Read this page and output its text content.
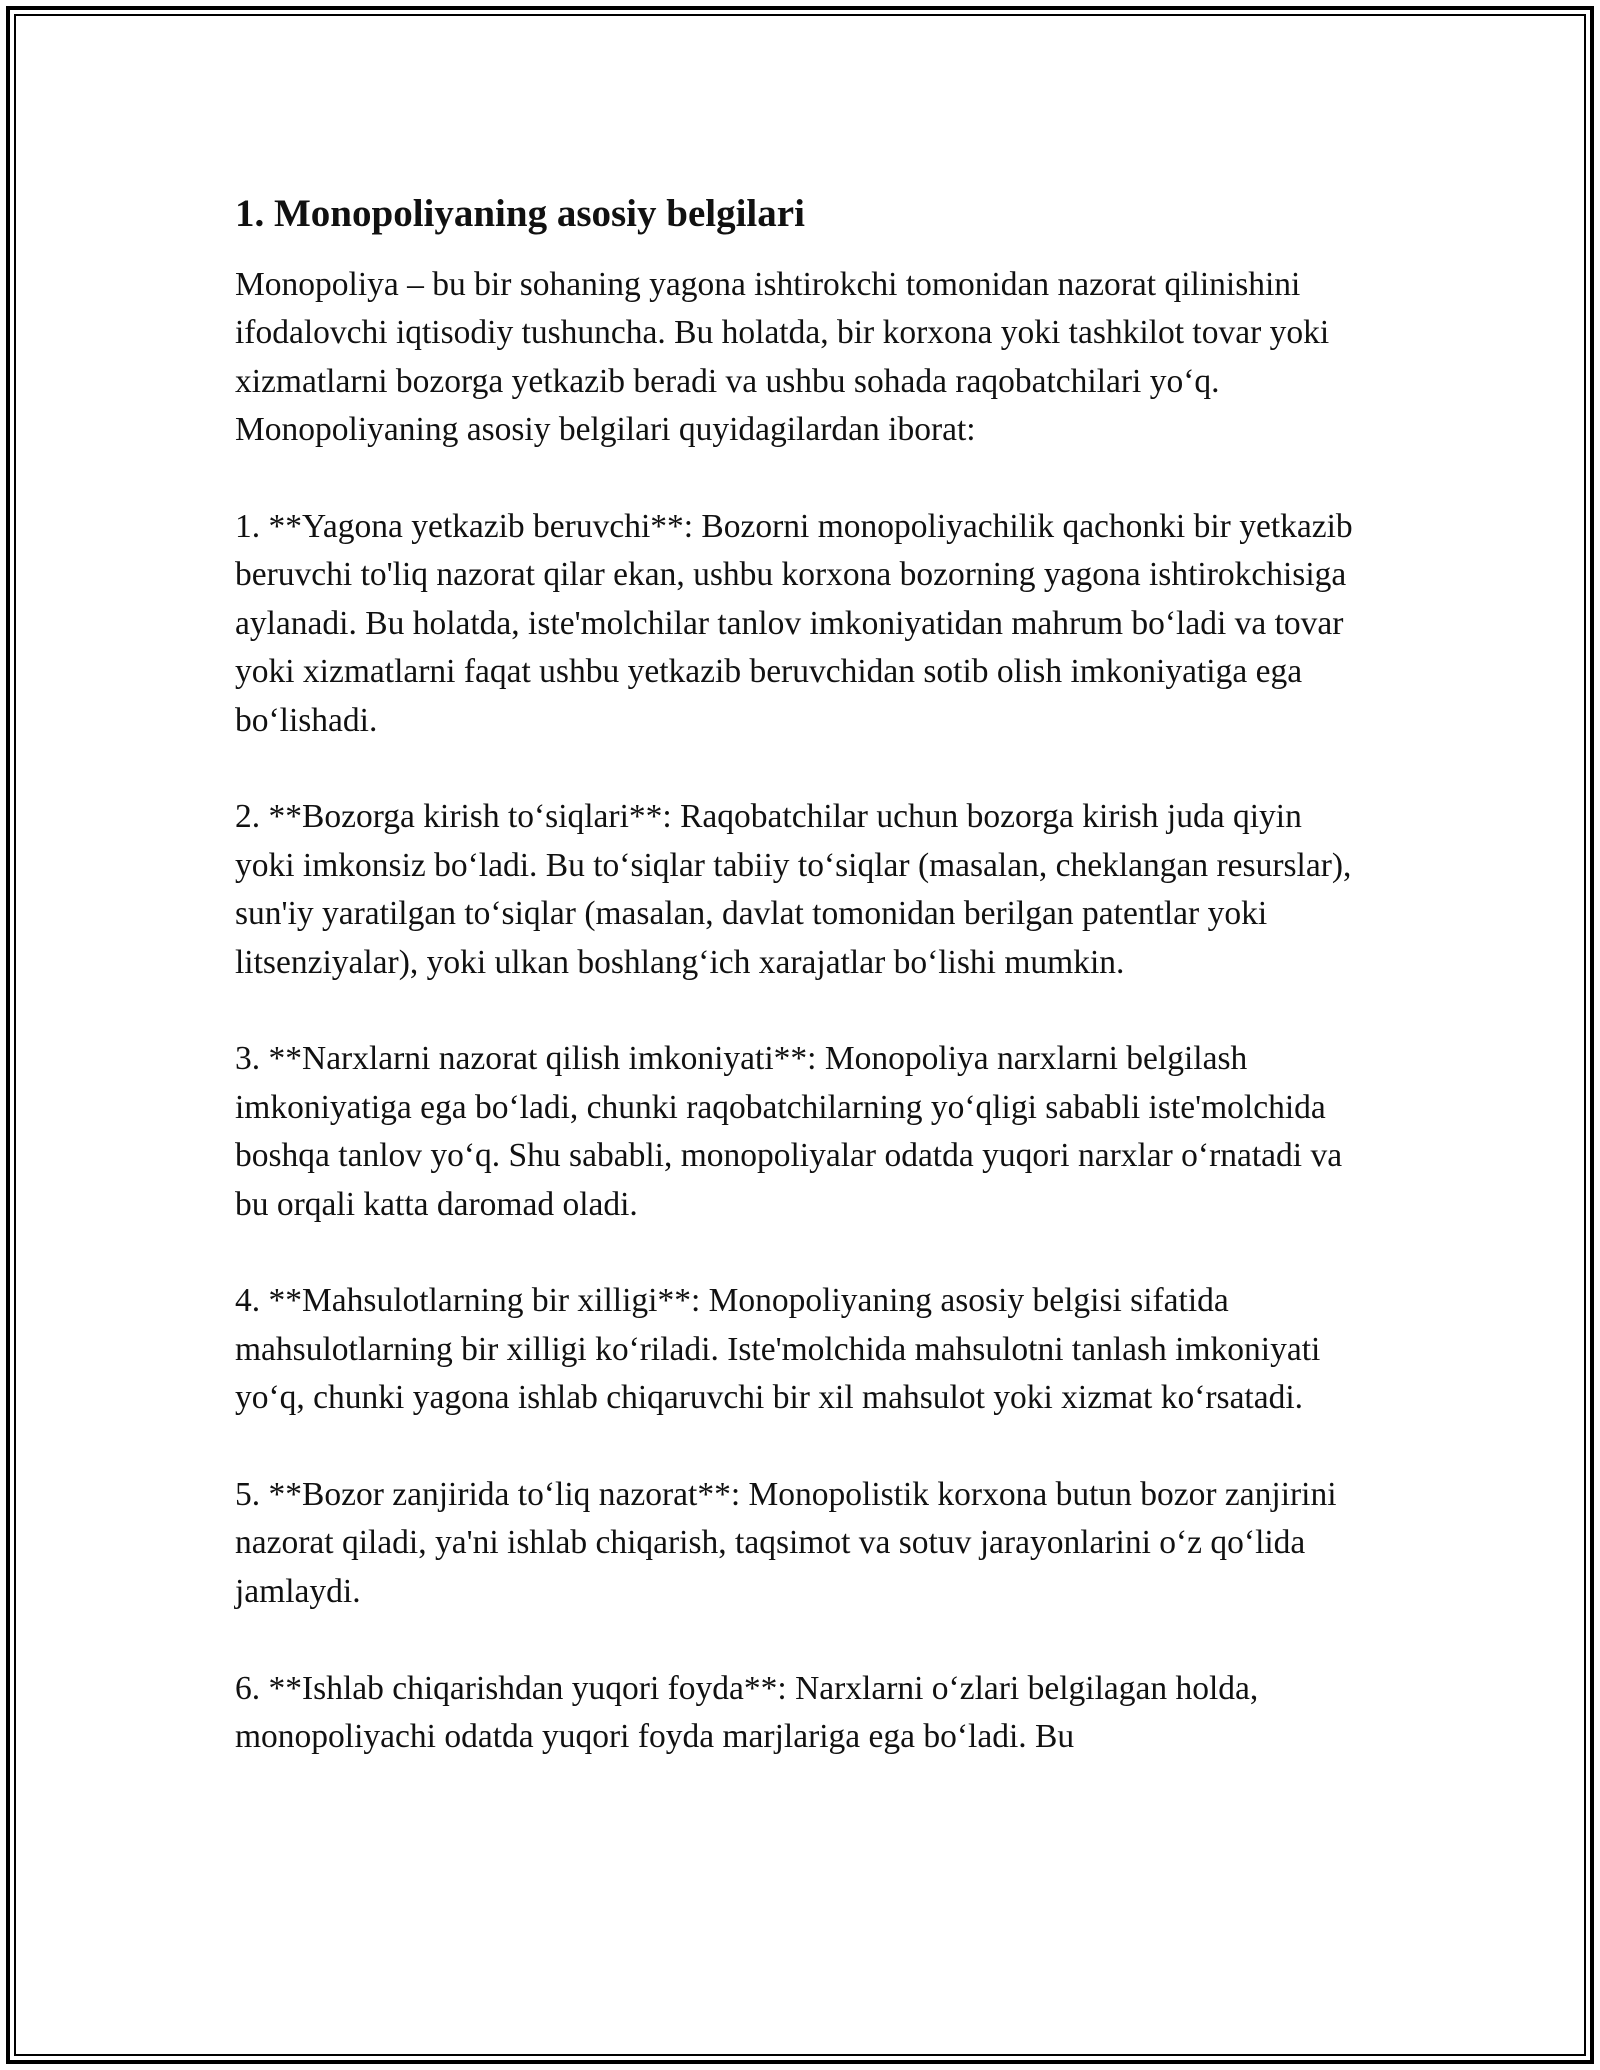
1. Monopoliyaning asosiy belgilari

Monopoliya – bu bir sohaning yagona ishtirokchi tomonidan nazorat qilinishini ifodalovchi iqtisodiy tushuncha. Bu holatda, bir korxona yoki tashkilot tovar yoki xizmatlarni bozorga yetkazib beradi va ushbu sohada raqobatchilari yoʻq. Monopoliyaning asosiy belgilari quyidagilardan iborat:

1. **Yagona yetkazib beruvchi**: Bozorni monopoliyachilik qachonki bir yetkazib beruvchi to'liq nazorat qilar ekan, ushbu korxona bozorning yagona ishtirokchisiga aylanadi. Bu holatda, iste'molchilar tanlov imkoniyatidan mahrum boʻladi va tovar yoki xizmatlarni faqat ushbu yetkazib beruvchidan sotib olish imkoniyatiga ega boʻlishadi.

2. **Bozorga kirish toʻsiqlari**: Raqobatchilar uchun bozorga kirish juda qiyin yoki imkonsiz boʻladi. Bu toʻsiqlar tabiiy toʻsiqlar (masalan, cheklangan resurslar), sun'iy yaratilgan toʻsiqlar (masalan, davlat tomonidan berilgan patentlar yoki litsenziyalar), yoki ulkan boshlangʻich xarajatlar boʻlishi mumkin.

3. **Narxlarni nazorat qilish imkoniyati**: Monopoliya narxlarni belgilash imkoniyatiga ega boʻladi, chunki raqobatchilarning yoʻqligi sababli iste'molchida boshqa tanlov yoʻq. Shu sababli, monopoliyalar odatda yuqori narxlar oʻrnatadi va bu orqali katta daromad oladi.

4. **Mahsulotlarning bir xilligi**: Monopoliyaning asosiy belgisi sifatida mahsulotlarning bir xilligi koʻriladi. Iste'molchida mahsulotni tanlash imkoniyati yoʻq, chunki yagona ishlab chiqaruvchi bir xil mahsulot yoki xizmat koʻrsatadi.

5. **Bozor zanjirida toʻliq nazorat**: Monopolistik korxona butun bozor zanjirini nazorat qiladi, ya'ni ishlab chiqarish, taqsimot va sotuv jarayonlarini oʻz qoʻlida jamlaydi.

6. **Ishlab chiqarishdan yuqori foyda**: Narxlarni oʻzlari belgilagan holda, monopoliyachi odatda yuqori foyda marjlariga ega boʻladi. Bu
